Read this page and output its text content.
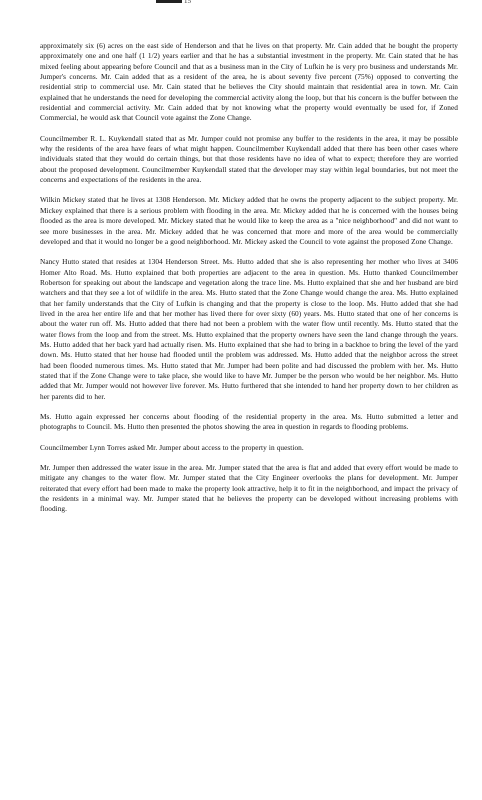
15

approximately six (6) acres on the east side of Henderson and that he lives on that property. Mr. Cain added that he bought the property approximately one and one half (1 1/2) years earlier and that he has a substantial investment in the property. Mr. Cain stated that he has mixed feeling about appearing before Council and that as a business man in the City of Lufkin he is very pro business and understands Mr. Jumper's concerns. Mr. Cain added that as a resident of the area, he is about seventy five percent (75%) opposed to converting the residential strip to commercial use. Mr. Cain stated that he believes the City should maintain that residential area in town. Mr. Cain explained that he understands the need for developing the commercial activity along the loop, but that his concern is the buffer between the residential and commercial activity. Mr. Cain added that by not knowing what the property would eventually be used for, if Zoned Commercial, he would ask that Council vote against the Zone Change.

Councilmember R. L. Kuykendall stated that as Mr. Jumper could not promise any buffer to the residents in the area, it may be possible why the residents of the area have fears of what might happen. Councilmember Kuykendall added that there has been other cases where individuals stated that they would do certain things, but that those residents have no idea of what to expect; therefore they are worried about the proposed development. Councilmember Kuykendall stated that the developer may stay within legal boundaries, but not meet the concerns and expectations of the residents in the area.

Wilkin Mickey stated that he lives at 1308 Henderson. Mr. Mickey added that he owns the property adjacent to the subject property. Mr. Mickey explained that there is a serious problem with flooding in the area. Mr. Mickey added that he is concerned with the houses being flooded as the area is more developed. Mr. Mickey stated that he would like to keep the area as a "nice neighborhood" and did not want to see more businesses in the area. Mr. Mickey added that he was concerned that more and more of the area would be commercially developed and that it would no longer be a good neighborhood. Mr. Mickey asked the Council to vote against the proposed Zone Change.

Nancy Hutto stated that resides at 1304 Henderson Street. Ms. Hutto added that she is also representing her mother who lives at 3406 Homer Alto Road. Ms. Hutto explained that both properties are adjacent to the area in question. Ms. Hutto thanked Councilmember Robertson for speaking out about the landscape and vegetation along the trace line. Ms. Hutto explained that she and her husband are bird watchers and that they see a lot of wildlife in the area. Ms. Hutto stated that the Zone Change would change the area. Ms. Hutto explained that her family understands that the City of Lufkin is changing and that the property is close to the loop. Ms. Hutto added that she had lived in the area her entire life and that her mother has lived there for over sixty (60) years. Ms. Hutto stated that one of her concerns is about the water run off. Ms. Hutto added that there had not been a problem with the water flow until recently. Ms. Hutto stated that the water flows from the loop and from the street. Ms. Hutto explained that the property owners have seen the land change through the years. Ms. Hutto added that her back yard had actually risen. Ms. Hutto explained that she had to bring in a backhoe to bring the level of the yard down. Ms. Hutto stated that her house had flooded until the problem was addressed. Ms. Hutto added that the neighbor across the street had been flooded numerous times. Ms. Hutto stated that Mr. Jumper had been polite and had discussed the problem with her. Ms. Hutto stated that if the Zone Change were to take place, she would like to have Mr. Jumper be the person who would be her neighbor. Ms. Hutto added that Mr. Jumper would not however live forever. Ms. Hutto furthered that she intended to hand her property down to her children as her parents did to her.

Ms. Hutto again expressed her concerns about flooding of the residential property in the area. Ms. Hutto submitted a letter and photographs to Council. Ms. Hutto then presented the photos showing the area in question in regards to flooding problems.

Councilmember Lynn Torres asked Mr. Jumper about access to the property in question.

Mr. Jumper then addressed the water issue in the area. Mr. Jumper stated that the area is flat and added that every effort would be made to mitigate any changes to the water flow. Mr. Jumper stated that the City Engineer overlooks the plans for development. Mr. Jumper reiterated that every effort had been made to make the property look attractive, help it to fit in the neighborhood, and impact the privacy of the residents in a minimal way. Mr. Jumper stated that he believes the property can be developed without increasing problems with flooding.
